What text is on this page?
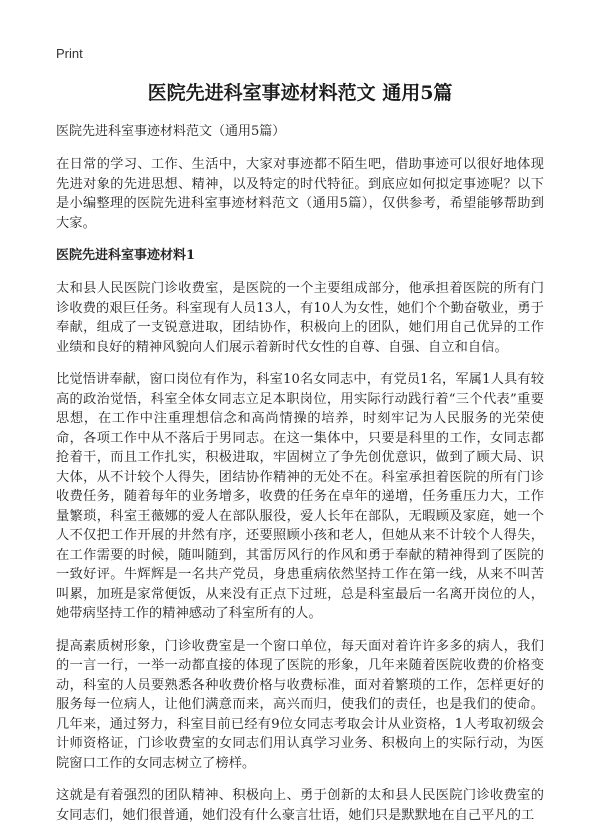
Print
医院先进科室事迹材料范文 通用5篇
医院先进科室事迹材料范文（通用5篇）

在日常的学习、工作、生活中，大家对事迹都不陌生吧，借助事迹可以很好地体现先进对象的先进思想、精神，以及特定的时代特征。到底应如何拟定事迹呢？以下是小编整理的医院先进科室事迹材料范文（通用5篇），仅供参考，希望能够帮助到大家。

医院先进科室事迹材料1

太和县人民医院门诊收费室，是医院的一个主要组成部分，他承担着医院的所有门诊收费的艰巨任务。科室现有人员13人，有10人为女性，她们个个勤奋敬业，勇于奉献，组成了一支锐意进取，团结协作，积极向上的团队，她们用自己优异的工作业绩和良好的精神风貌向人们展示着新时代女性的自尊、自强、自立和自信。

比觉悟讲奉献，窗口岗位有作为，科室10名女同志中，有党员1名，军属1人具有较高的政治觉悟，科室全体女同志立足本职岗位，用实际行动践行着“三个代表”重要思想，在工作中注重理想信念和高尚情操的培养，时刻牢记为人民服务的光荣使命，各项工作中从不落后于男同志。在这一集体中，只要是科里的工作，女同志都抢着干，而且工作扎实，积极进取，牢固树立了争先创优意识，做到了顾大局、识大体，从不计较个人得失，团结协作精神的无处不在。科室承担着医院的所有门诊收费任务，随着每年的业务增多，收费的任务在卓年的递增，任务重压力大，工作量繁琐，科室王薇娜的爱人在部队服役，爱人长年在部队，无暇顾及家庭，她一个人不仅把工作开展的井然有序，还要照顾小孩和老人，但她从来不计较个人得失，在工作需要的时候，随叫随到，其雷厉风行的作风和勇于奉献的精神得到了医院的一致好评。牛辉辉是一名共产党员，身患重病依然坚持工作在第一线，从来不叫苦叫累，加班是家常便饭，从来没有正点下过班，总是科室最后一名离开岗位的人，她带病坚持工作的精神感动了科室所有的人。

提高素质树形象，门诊收费室是一个窗口单位，每天面对着许许多多的病人，我们的一言一行，一举一动都直接的体现了医院的形象，几年来随着医院收费的价格变动，科室的人员要熟悉各种收费价格与收费标准，面对着繁琐的工作，怎样更好的服务每一位病人，让他们满意而来，高兴而归，使我们的责任，也是我们的使命。几年来，通过努力，科室目前已经有9位女同志考取会计从业资格，1人考取初级会计师资格证，门诊收费室的女同志们用认真学习业务、积极向上的实际行动，为医院窗口工作的女同志树立了榜样。

这就是有着强烈的团队精神、积极向上、勇于创新的太和县人民医院门诊收费室的女同志们，她们很普通，她们没有什么豪言壮语，她们只是默默地在自己平凡的工
